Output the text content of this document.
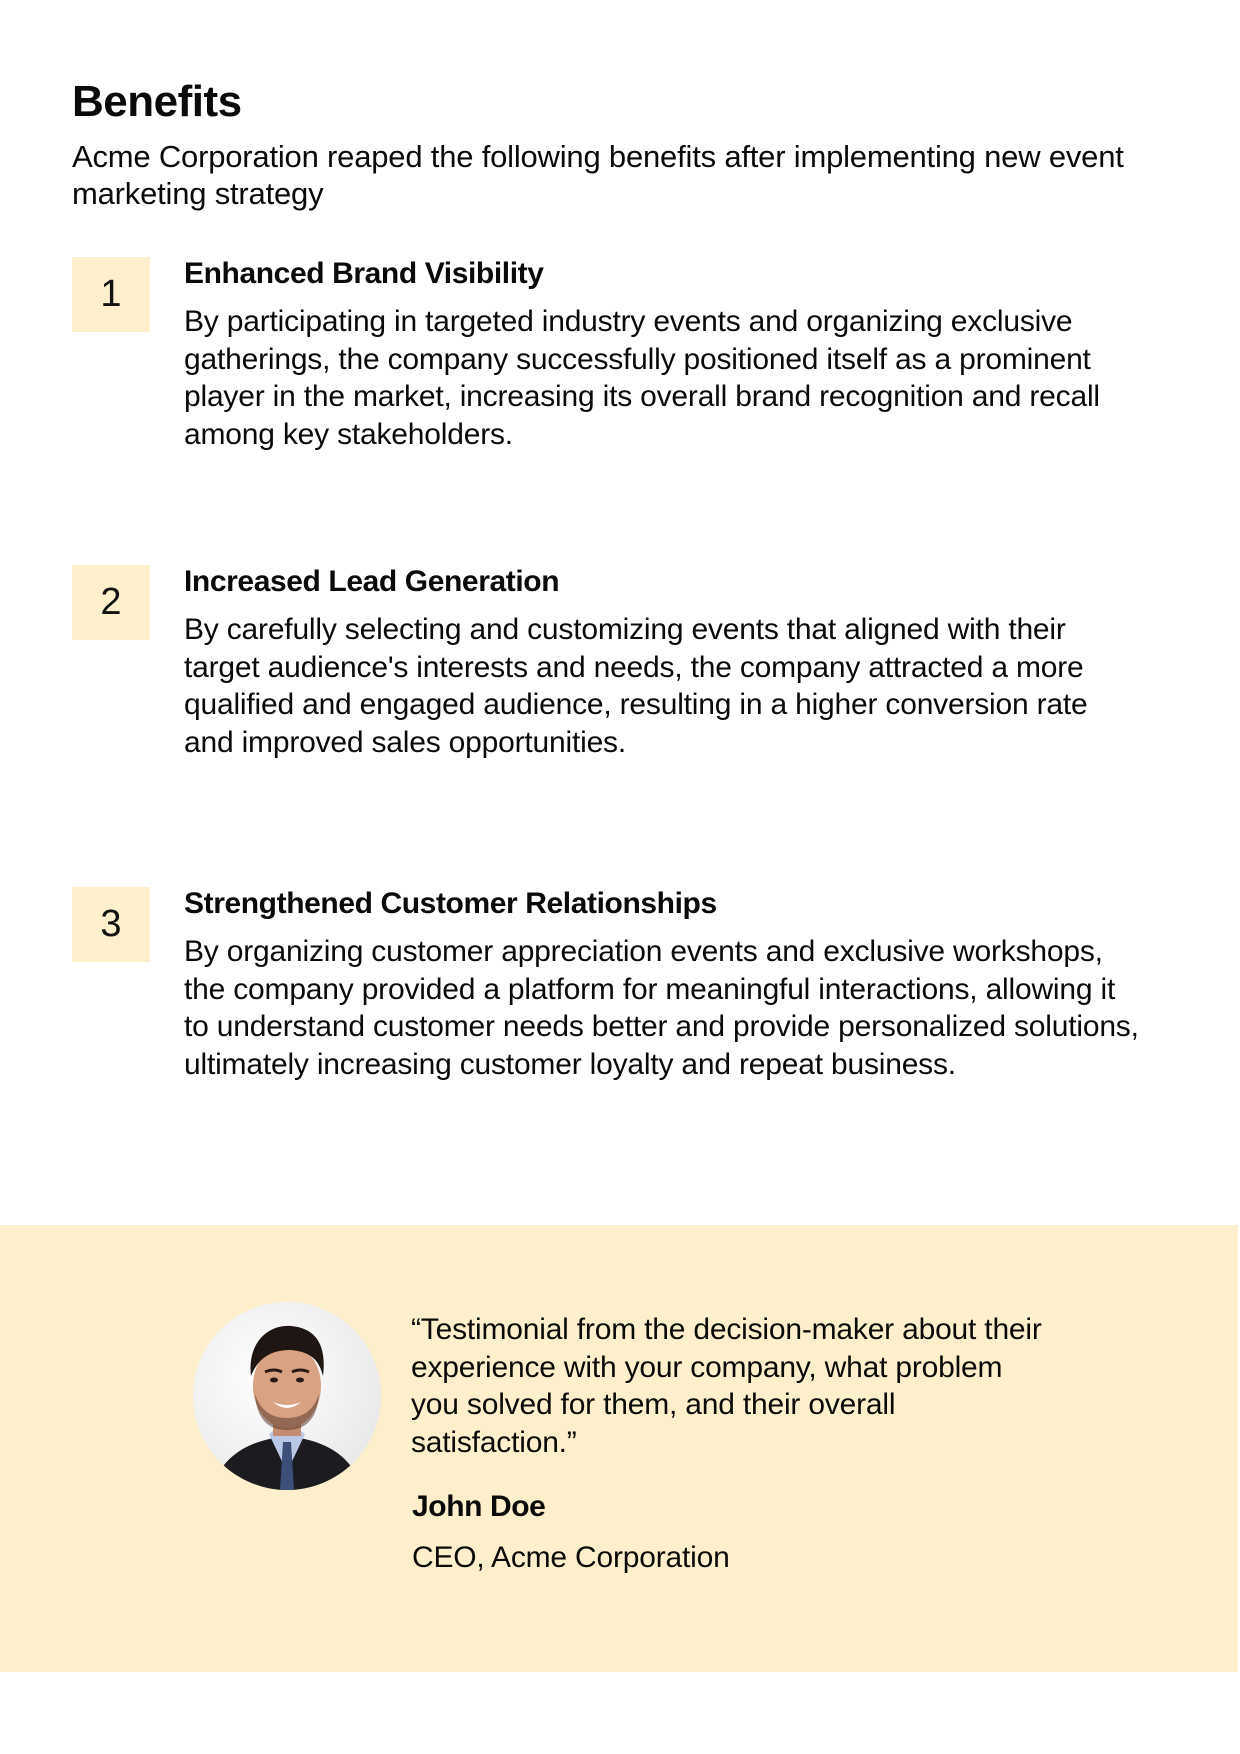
Benefits

Acme Corporation reaped the following benefits after implementing new event marketing strategy

1	Enhanced Brand Visibility

By participating in targeted industry events and organizing exclusive gatherings, the company successfully positioned itself as a prominent player in the market, increasing its overall brand recognition and recall among key stakeholders.

2	Increased Lead Generation

By carefully selecting and customizing events that aligned with their target audience's interests and needs, the company attracted a more qualified and engaged audience, resulting in a higher conversion rate and improved sales opportunities.

3	Strengthened Customer Relationships

By organizing customer appreciation events and exclusive workshops, the company provided a platform for meaningful interactions, allowing it to understand customer needs better and provide personalized solutions, ultimately increasing customer loyalty and repeat business.

“Testimonial from the decision-maker about their experience with your company, what problem you solved for them, and their overall satisfaction.”

John Doe
CEO, Acme Corporation
